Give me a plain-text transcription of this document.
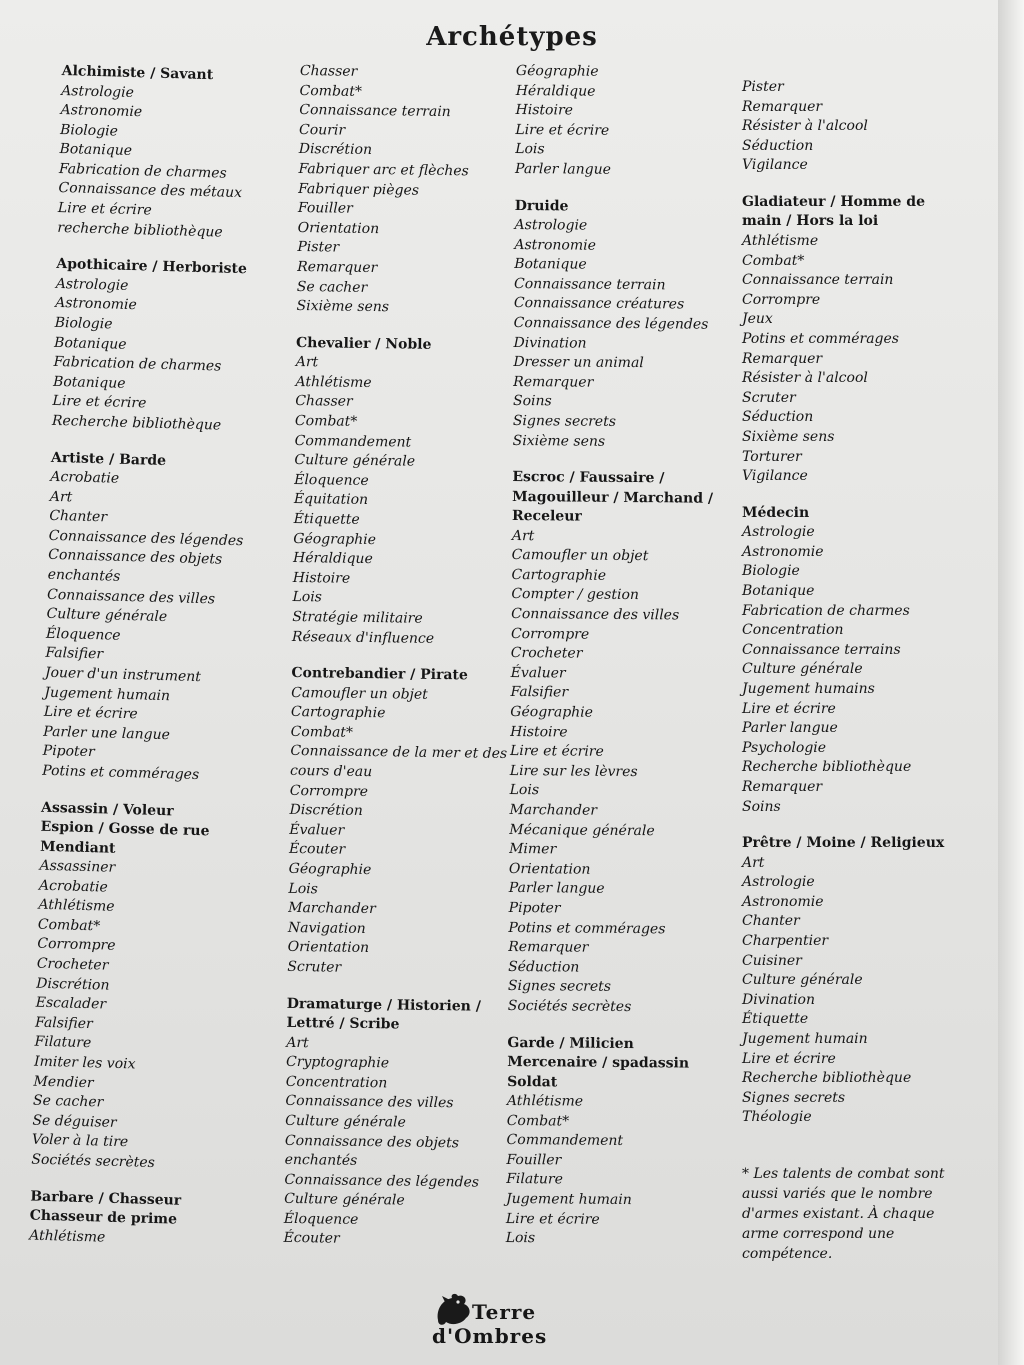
Archétypes
Alchimiste / Savant
Astrologie
Astronomie
Biologie
Botanique
Fabrication de charmes
Connaissance des métaux
Lire et écrire
recherche bibliothèque
Apothicaire / Herboriste
Astrologie
Astronomie
Biologie
Botanique
Fabrication de charmes
Botanique
Lire et écrire
Recherche bibliothèque
Artiste / Barde
Acrobatie
Art
Chanter
Connaissance des légendes
Connaissance des objets enchantés
Connaissance des villes
Culture générale
Éloquence
Falsifier
Jouer d'un instrument
Jugement humain
Lire et écrire
Parler une langue
Pipoter
Potins et commérages
Assassin / Voleur
Espion / Gosse de rue
Mendiant
Assassiner
Acrobatie
Athlétisme
Combat*
Corrompre
Crocheter
Discrétion
Escalader
Falsifier
Filature
Imiter les voix
Mendier
Se cacher
Se déguiser
Voler à la tire
Sociétés secrètes
Barbare / Chasseur
Chasseur de prime
Athlétisme
Chasser
Combat*
Connaissance terrain
Courir
Discrétion
Fabriquer arc et flèches
Fabriquer pièges
Fouiller
Orientation
Pister
Remarquer
Se cacher
Sixième sens
Chevalier / Noble
Art
Athlétisme
Chasser
Combat*
Commandement
Culture générale
Éloquence
Équitation
Étiquette
Géographie
Héraldique
Histoire
Lois
Stratégie militaire
Réseaux d'influence
Contrebandier / Pirate
Camoufler un objet
Cartographie
Combat*
Connaissance de la mer et des cours d'eau
Corrompre
Discrétion
Évaluer
Écouter
Géographie
Lois
Marchander
Navigation
Orientation
Scruter
Dramaturge / Historien /
Lettré / Scribe
Art
Cryptographie
Concentration
Connaissance des villes
Culture générale
Connaissance des objets enchantés
Connaissance des légendes
Culture générale
Éloquence
Écouter
Géographie
Héraldique
Histoire
Lire et écrire
Lois
Parler langue
Druide
Astrologie
Astronomie
Botanique
Connaissance terrain
Connaissance créatures
Connaissance des légendes
Divination
Dresser un animal
Remarquer
Soins
Signes secrets
Sixième sens
Escroc / Faussaire /
Magouilleur / Marchand /
Receleur
Art
Camoufler un objet
Cartographie
Compter / gestion
Connaissance des villes
Corrompre
Crocheter
Évaluer
Falsifier
Géographie
Histoire
Lire et écrire
Lire sur les lèvres
Lois
Marchander
Mécanique générale
Mimer
Orientation
Parler langue
Pipoter
Potins et commérages
Remarquer
Séduction
Signes secrets
Sociétés secrètes
Garde / Milicien
Mercenaire / spadassin
Soldat
Athlétisme
Combat*
Commandement
Fouiller
Filature
Jugement humain
Lire et écrire
Lois
Pister
Remarquer
Résister à l'alcool
Séduction
Vigilance
Gladiateur / Homme de
main / Hors la loi
Athlétisme
Combat*
Connaissance terrain
Corrompre
Jeux
Potins et commérages
Remarquer
Résister à l'alcool
Scruter
Séduction
Sixième sens
Torturer
Vigilance
Médecin
Astrologie
Astronomie
Biologie
Botanique
Fabrication de charmes
Concentration
Connaissance terrains
Culture générale
Jugement humains
Lire et écrire
Parler langue
Psychologie
Recherche bibliothèque
Remarquer
Soins
Prêtre / Moine / Religieux
Art
Astrologie
Astronomie
Chanter
Charpentier
Cuisiner
Culture générale
Divination
Étiquette
Jugement humain
Lire et écrire
Recherche bibliothèque
Signes secrets
Théologie
* Les talents de combat sont aussi variés que le nombre d'armes existant. À chaque arme correspond une compétence.
Terre
d'Ombres
